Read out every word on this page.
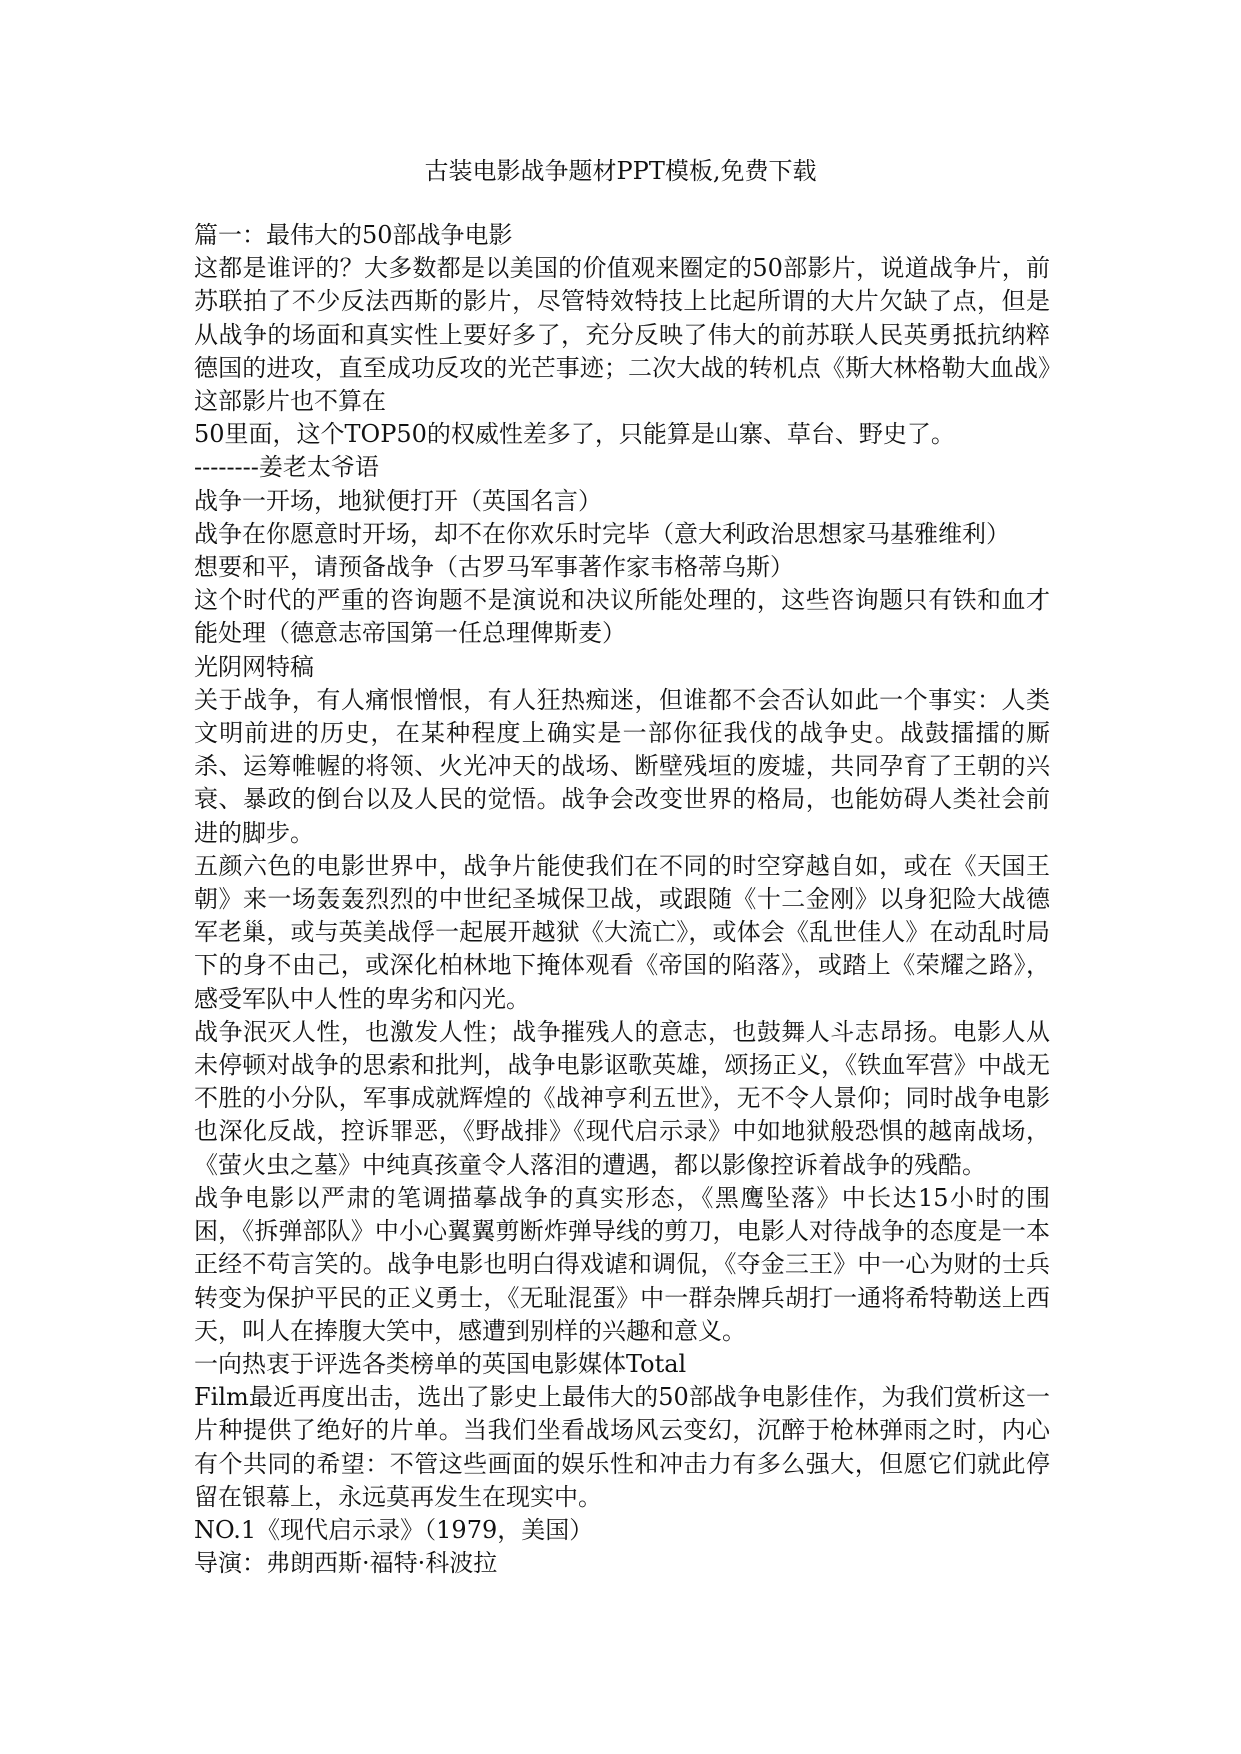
古装电影战争题材PPT模板,免费下载

篇一：最伟大的50部战争电影

这都是谁评的？大多数都是以美国的价值观来圈定的50部影片，说道战争片，前苏联拍了不少反法西斯的影片，尽管特效特技上比起所谓的大片欠缺了点，但是从战争的场面和真实性上要好多了，充分反映了伟大的前苏联人民英勇抵抗纳粹德国的进攻，直至成功反攻的光芒事迹；二次大战的转机点《斯大林格勒大血战》这部影片也不算在

50里面，这个TOP50的权威性差多了，只能算是山寨、草台、野史了。

--------姜老太爷语

战争一开场，地狱便打开（英国名言）

战争在你愿意时开场，却不在你欢乐时完毕（意大利政治思想家马基雅维利）

想要和平，请预备战争（古罗马军事著作家韦格蒂乌斯）

这个时代的严重的咨询题不是演说和决议所能处理的，这些咨询题只有铁和血才能处理（德意志帝国第一任总理俾斯麦）

光阴网特稿

关于战争，有人痛恨憎恨，有人狂热痴迷，但谁都不会否认如此一个事实：人类文明前进的历史，在某种程度上确实是一部你征我伐的战争史。战鼓擂擂的厮杀、运筹帷幄的将领、火光冲天的战场、断壁残垣的废墟，共同孕育了王朝的兴衰、暴政的倒台以及人民的觉悟。战争会改变世界的格局，也能妨碍人类社会前进的脚步。

五颜六色的电影世界中，战争片能使我们在不同的时空穿越自如，或在《天国王朝》来一场轰轰烈烈的中世纪圣城保卫战，或跟随《十二金刚》以身犯险大战德军老巢，或与英美战俘一起展开越狱《大流亡》，或体会《乱世佳人》在动乱时局下的身不由己，或深化柏林地下掩体观看《帝国的陷落》，或踏上《荣耀之路》，感受军队中人性的卑劣和闪光。

战争泯灭人性，也激发人性；战争摧残人的意志，也鼓舞人斗志昂扬。电影人从未停顿对战争的思索和批判，战争电影讴歌英雄，颂扬正义，《铁血军营》中战无不胜的小分队，军事成就辉煌的《战神亨利五世》，无不令人景仰；同时战争电影也深化反战，控诉罪恶，《野战排》《现代启示录》中如地狱般恐惧的越南战场，《萤火虫之墓》中纯真孩童令人落泪的遭遇，都以影像控诉着战争的残酷。

战争电影以严肃的笔调描摹战争的真实形态，《黑鹰坠落》中长达15小时的围困，《拆弹部队》中小心翼翼剪断炸弹导线的剪刀，电影人对待战争的态度是一本正经不苟言笑的。战争电影也明白得戏谑和调侃，《夺金三王》中一心为财的士兵转变为保护平民的正义勇士，《无耻混蛋》中一群杂牌兵胡打一通将希特勒送上西天，叫人在捧腹大笑中，感遭到别样的兴趣和意义。

一向热衷于评选各类榜单的英国电影媒体Total

Film最近再度出击，选出了影史上最伟大的50部战争电影佳作，为我们赏析这一片种提供了绝好的片单。当我们坐看战场风云变幻，沉醉于枪林弹雨之时，内心有个共同的希望：不管这些画面的娱乐性和冲击力有多么强大，但愿它们就此停留在银幕上，永远莫再发生在现实中。

NO.1《现代启示录》（1979，美国）

导演：弗朗西斯·福特·科波拉
